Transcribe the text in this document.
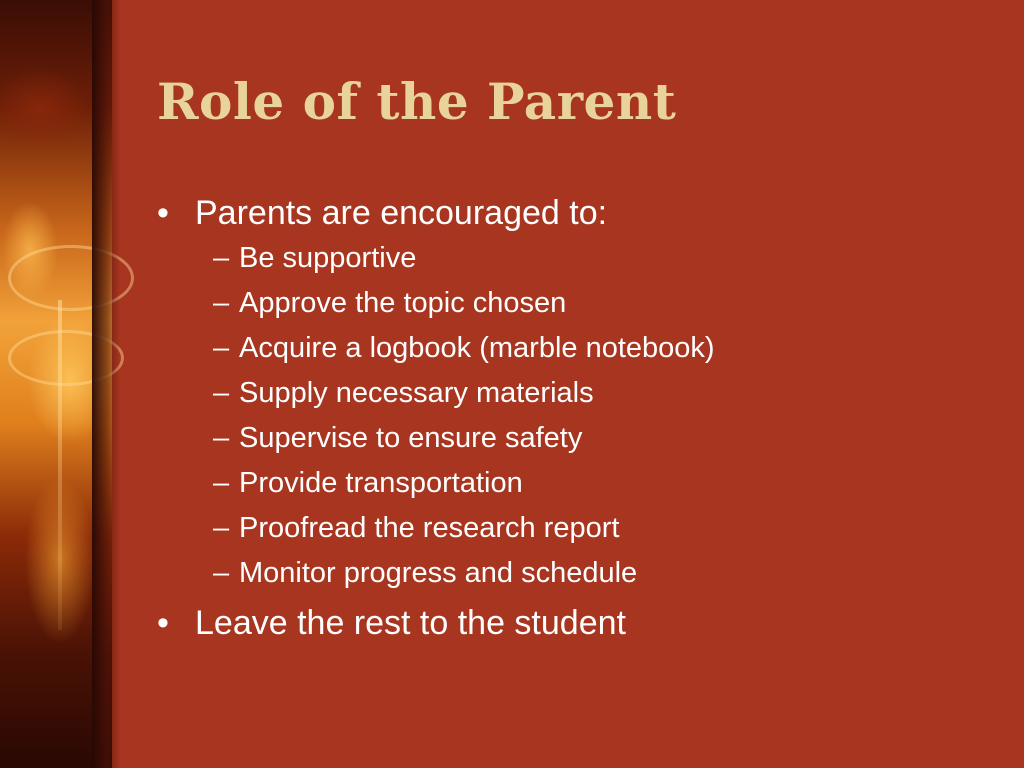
Role of the Parent
• Parents are encouraged to:
– Be supportive
– Approve the topic chosen
– Acquire a logbook (marble notebook)
– Supply necessary materials
– Supervise to ensure safety
– Provide transportation
– Proofread the research report
– Monitor progress and schedule
• Leave the rest to the student
